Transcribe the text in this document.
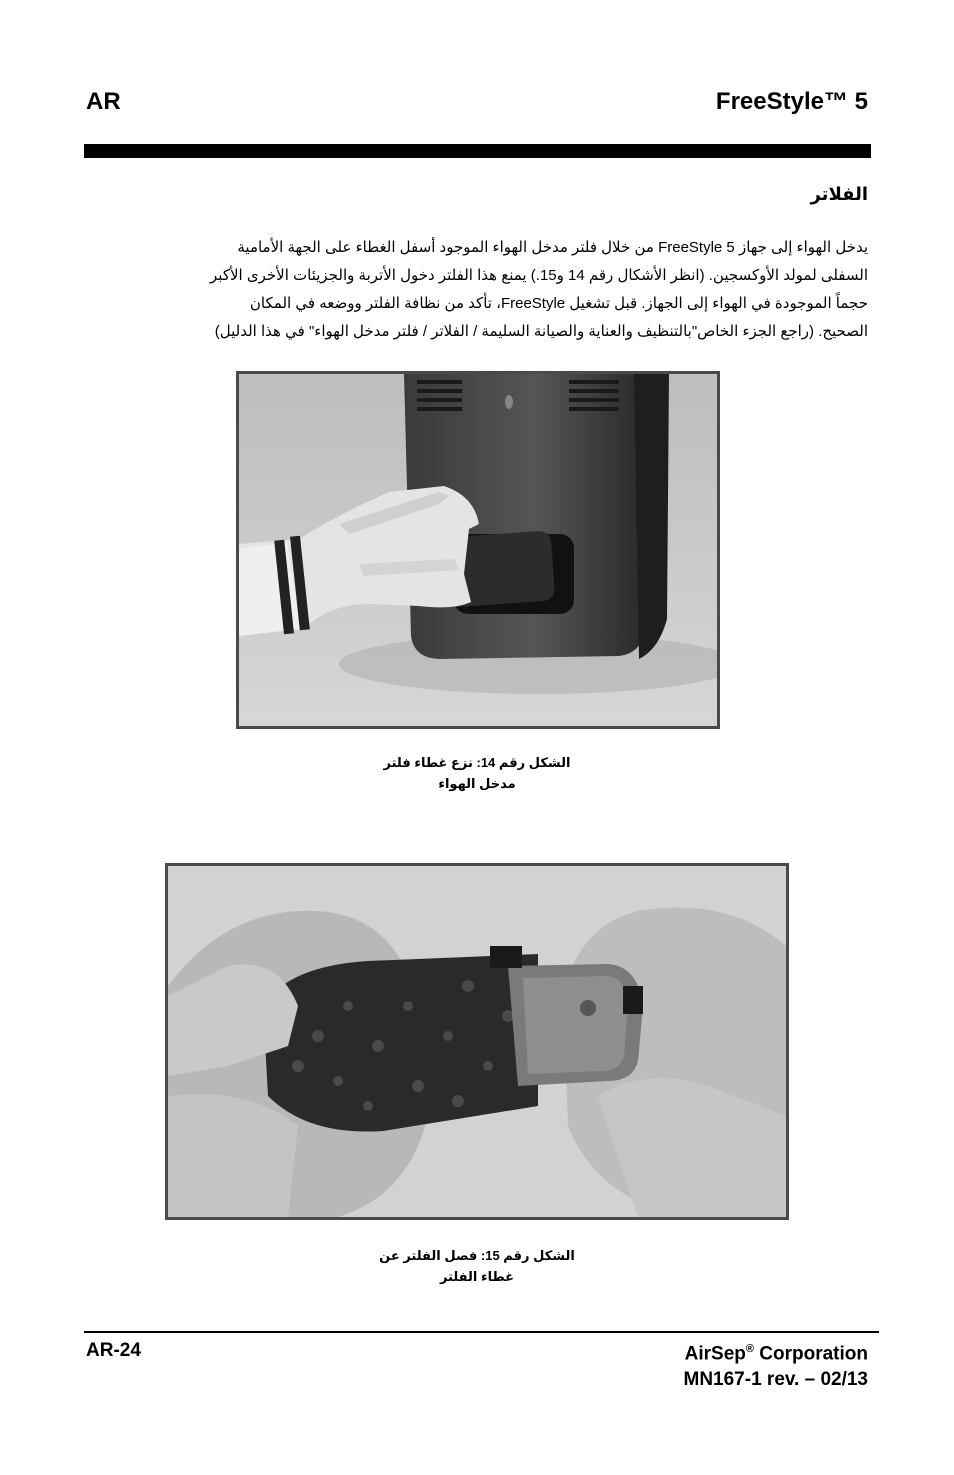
AR	FreeStyle™ 5
الفلاتر
يدخل الهواء إلى جهاز FreeStyle 5 من خلال فلتر مدخل الهواء الموجود أسفل الغطاء على الجهة الأمامية
السفلى لمولد الأوكسجين. (انظر الأشكال رقم 14 و15.) يمنع هذا الفلتر دخول الأتربة والجزيئات الأخرى الأكبر
حجماً الموجودة في الهواء إلى الجهاز. قبل تشغيل FreeStyle، تأكد من نظافة الفلتر ووضعه في المكان
الصحيح. (راجع الجزء الخاص"بالتنظيف والعناية والصيانة السليمة / الفلاتر / فلتر مدخل الهواء" في هذا الدليل)
الشكل رقم 14: نزع غطاء فلتر
مدخل الهواء
الشكل رقم 15: فصل الفلتر عن
غطاء الفلتر
AR-24	AirSep® Corporation
MN167-1 rev. – 02/13
